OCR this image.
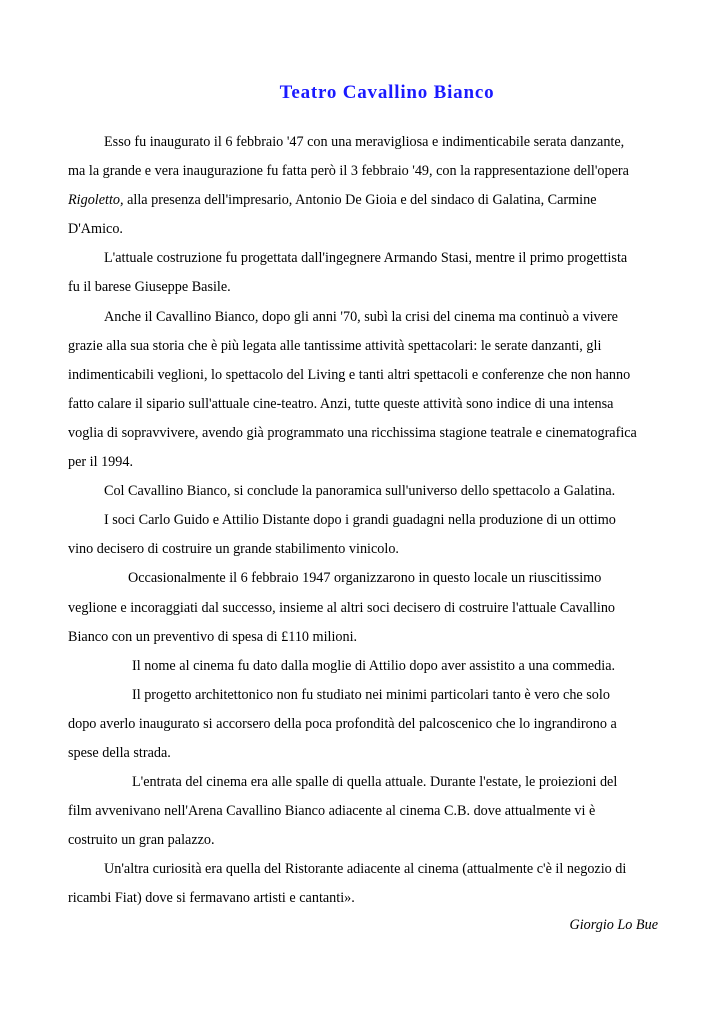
Teatro Cavallino Bianco

Esso fu inaugurato il 6 febbraio '47 con una meravigliosa e indimenticabile serata danzante,
ma la grande e vera inaugurazione fu fatta però il 3 febbraio '49, con la rappresentazione dell'opera
Rigoletto, alla presenza dell'impresario, Antonio De Gioia e del sindaco di Galatina, Carmine
D'Amico.

L'attuale costruzione fu progettata dall'ingegnere Armando Stasi, mentre il primo progettista
fu il barese Giuseppe Basile.

Anche il Cavallino Bianco, dopo gli anni '70, subì la crisi del cinema ma continuò a vivere
grazie alla sua storia che è più legata alle tantissime attività spettacolari: le serate danzanti, gli
indimenticabili veglioni, lo spettacolo del Living e tanti altri spettacoli e conferenze che non hanno
fatto calare il sipario sull'attuale cine-teatro. Anzi, tutte queste attività sono indice di una intensa
voglia di sopravvivere, avendo già programmato una ricchissima stagione teatrale e cinematografica
per il 1994.

Col Cavallino Bianco, si conclude la panoramica sull'universo dello spettacolo a Galatina.

I soci Carlo Guido e Attilio Distante dopo i grandi guadagni nella produzione di un ottimo
vino decisero di costruire un grande stabilimento vinicolo.

Occasionalmente il 6 febbraio 1947 organizzarono in questo locale un riuscitissimo
veglione e incoraggiati dal successo, insieme al altri soci decisero di costruire l'attuale Cavallino
Bianco con un preventivo di spesa di £110 milioni.

Il nome al cinema fu dato dalla moglie di Attilio dopo aver assistito a una commedia.

Il progetto architettonico non fu studiato nei minimi particolari tanto è vero che solo
dopo averlo inaugurato si accorsero della poca profondità del palcoscenico che lo ingrandirono a
spese della strada.

L'entrata del cinema era alle spalle di quella attuale. Durante l'estate, le proiezioni del
film avvenivano nell'Arena Cavallino Bianco adiacente al cinema C.B. dove attualmente vi è
costruito un gran palazzo.

Un'altra curiosità era quella del Ristorante adiacente al cinema (attualmente c'è il negozio di
ricambi Fiat) dove si fermavano artisti e cantanti».

Giorgio Lo Bue
